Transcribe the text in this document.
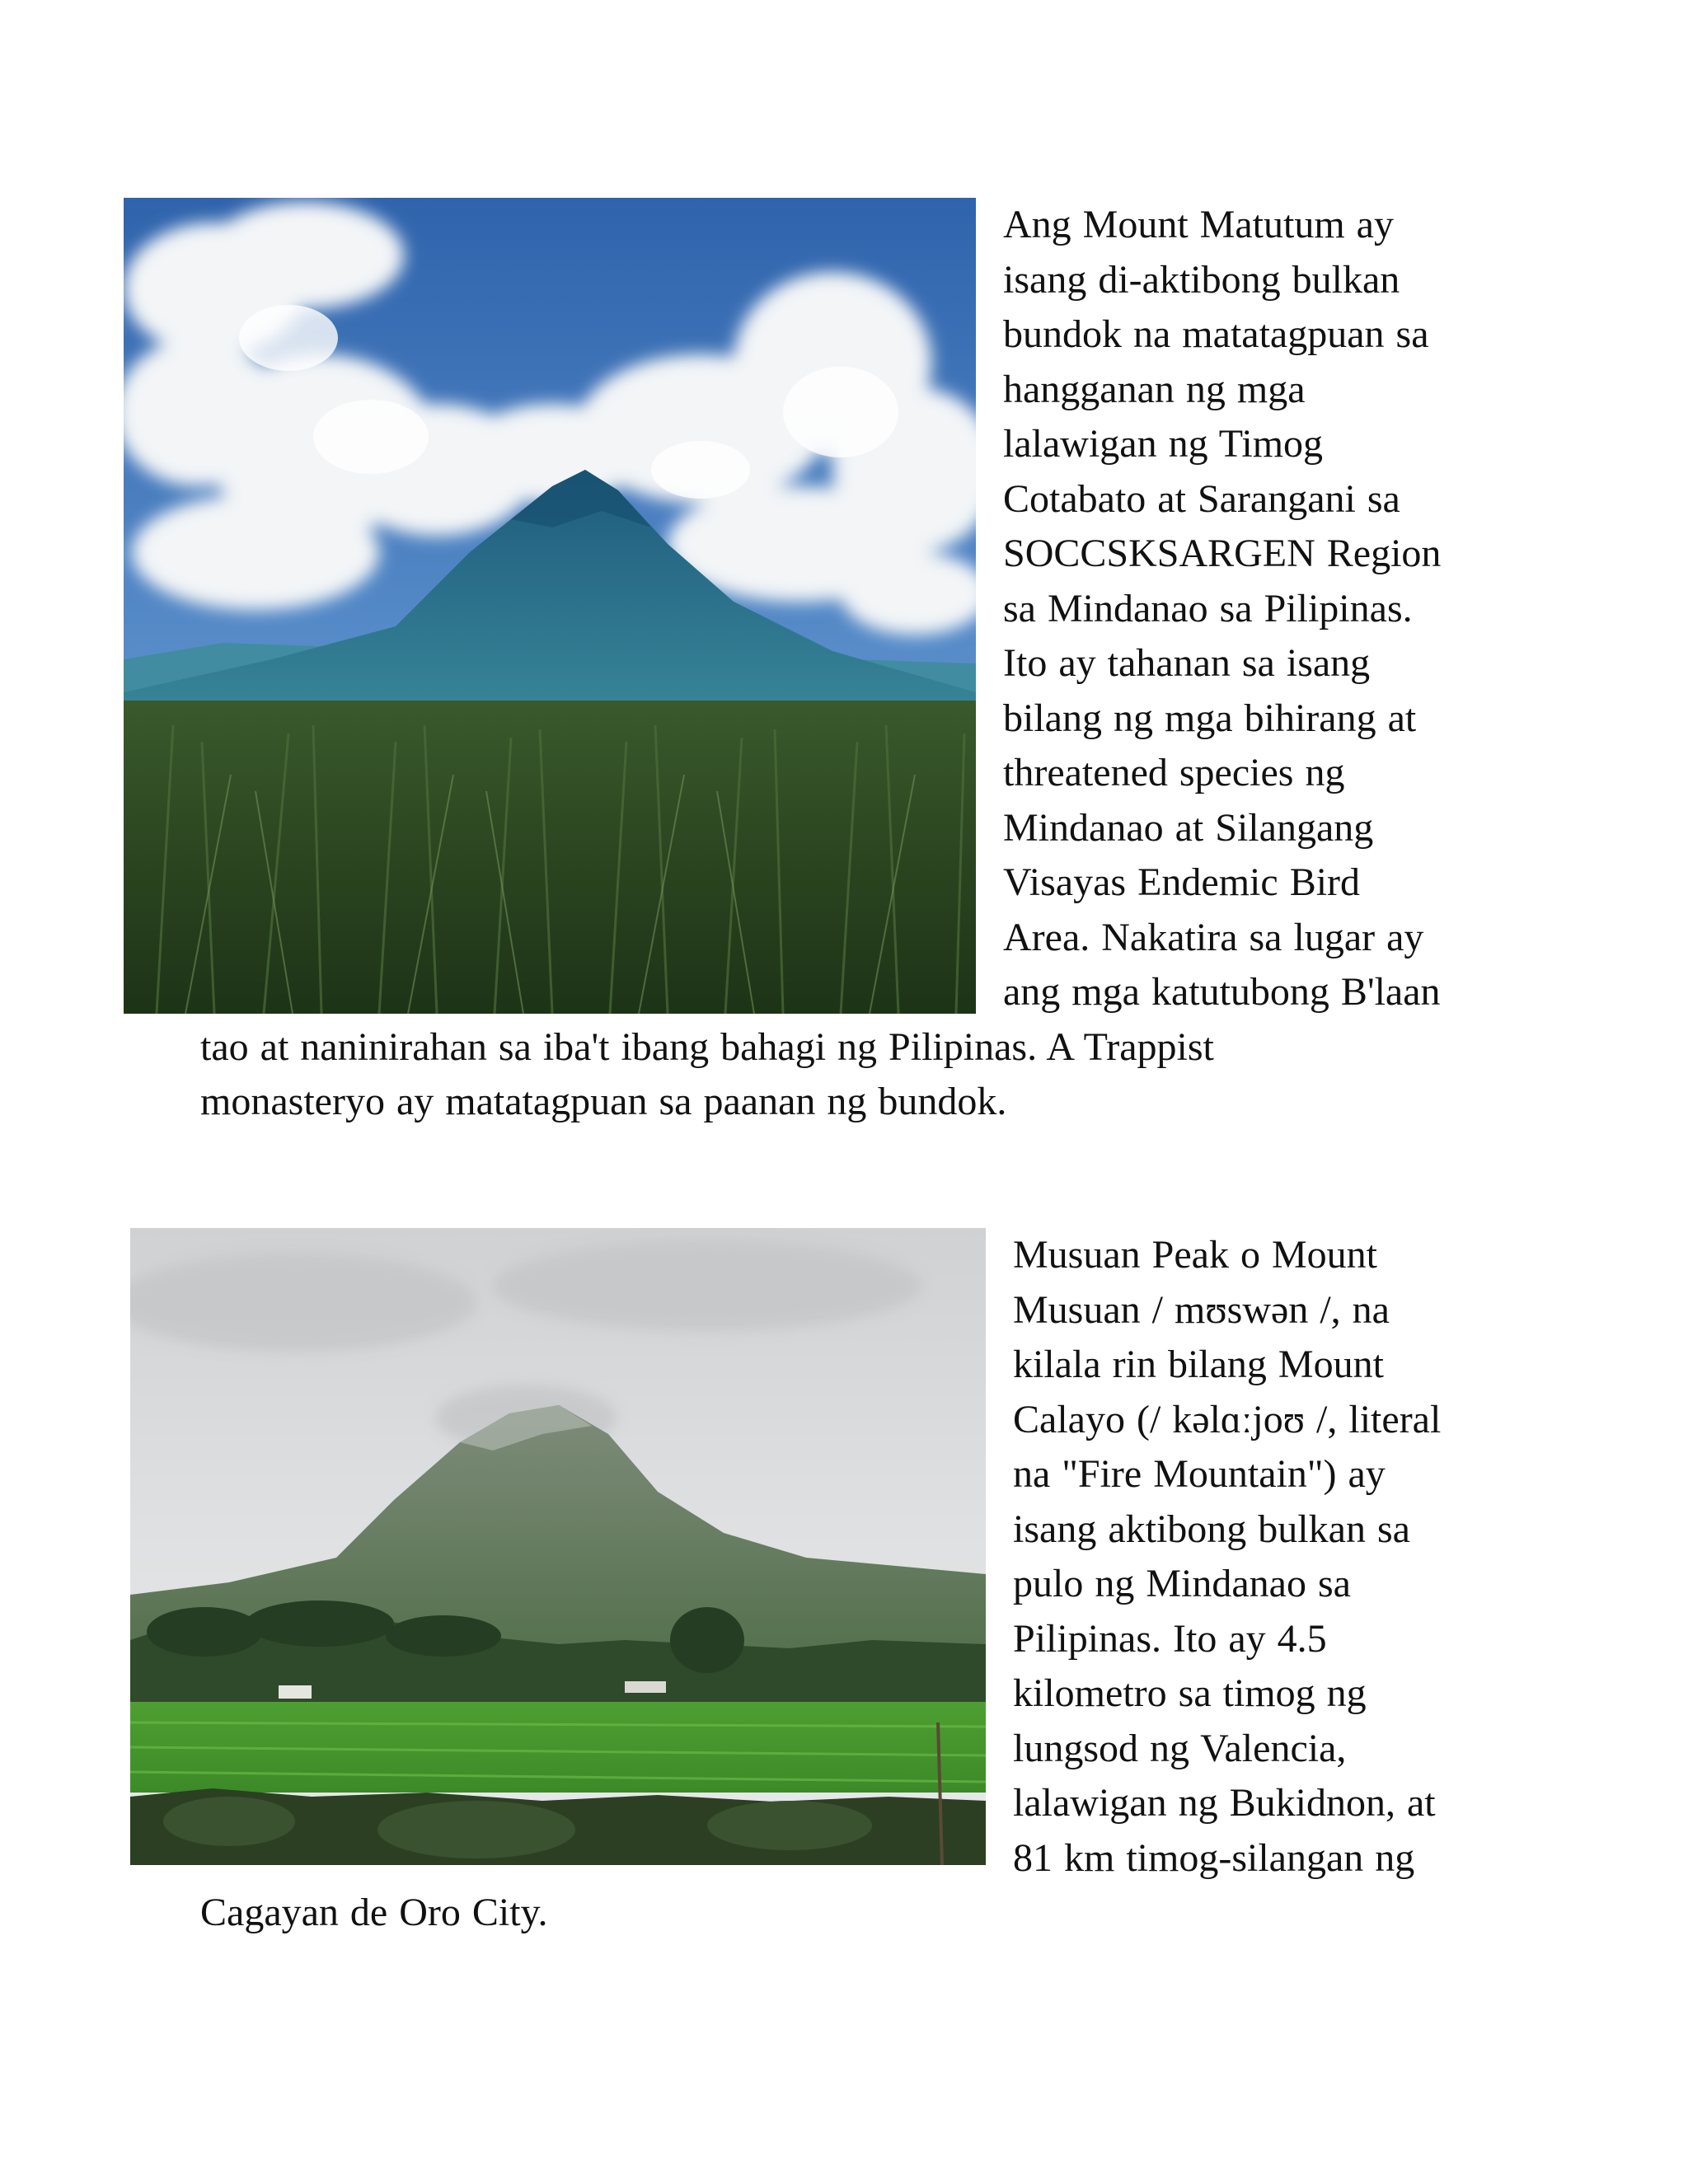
Ang Mount Matutum ay
isang di-aktibong bulkan
bundok na matatagpuan sa
hangganan ng mga
lalawigan ng Timog
Cotabato at Sarangani sa
SOCCSKSARGEN Region
sa Mindanao sa Pilipinas.
Ito ay tahanan sa isang
bilang ng mga bihirang at
threatened species ng
Mindanao at Silangang
Visayas Endemic Bird
Area. Nakatira sa lugar ay
ang mga katutubong B'laan
tao at naninirahan sa iba't ibang bahagi ng Pilipinas. A Trappist
monasteryo ay matatagpuan sa paanan ng bundok.
Musuan Peak o Mount
Musuan / mʊswən /, na
kilala rin bilang Mount
Calayo (/ kəlɑːjoʊ /, literal
na "Fire Mountain") ay
isang aktibong bulkan sa
pulo ng Mindanao sa
Pilipinas. Ito ay 4.5
kilometro sa timog ng
lungsod ng Valencia,
lalawigan ng Bukidnon, at
81 km timog-silangan ng
Cagayan de Oro City.
